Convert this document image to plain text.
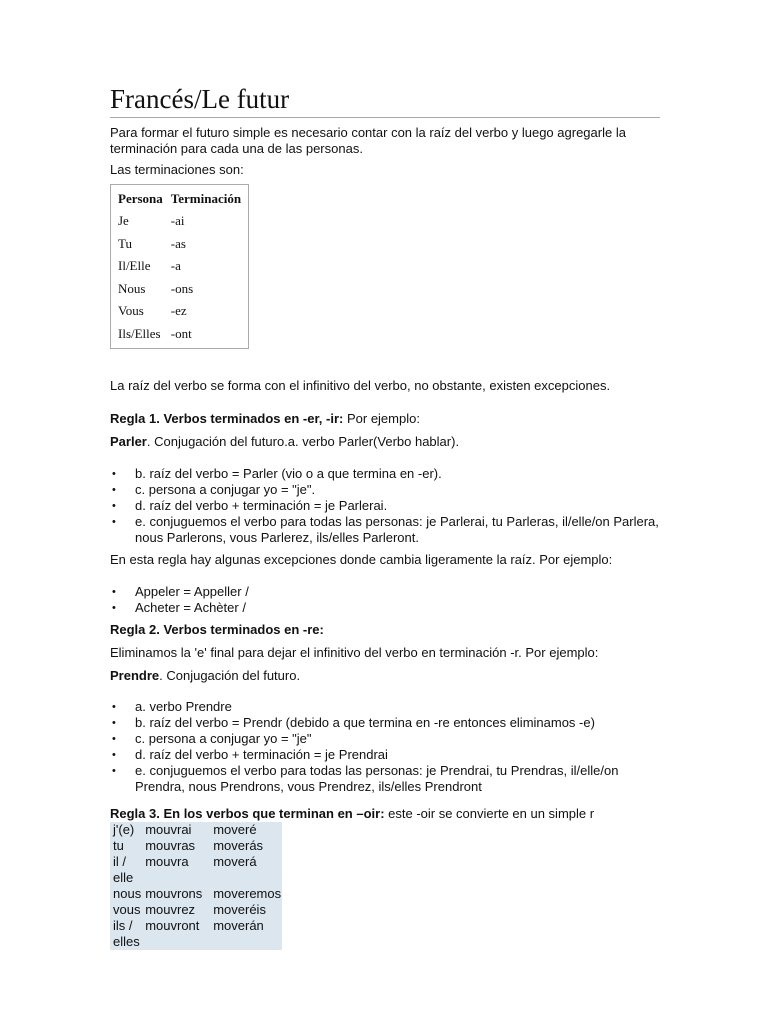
Francés/Le futur

Para formar el futuro simple es necesario contar con la raíz del verbo y luego agregarle la terminación para cada una de las personas.

Las terminaciones son:

Persona	Terminación
Je	-ai
Tu	-as
Il/Elle	-a
Nous	-ons
Vous	-ez
Ils/Elles	-ont

La raíz del verbo se forma con el infinitivo del verbo, no obstante, existen excepciones.

Regla 1. Verbos terminados en -er, -ir: Por ejemplo:

Parler. Conjugación del futuro.a. verbo Parler(Verbo hablar).

• b. raíz del verbo = Parler (vio o a que termina en -er).
• c. persona a conjugar yo = "je".
• d. raíz del verbo + terminación = je Parlerai.
• e. conjuguemos el verbo para todas las personas: je Parlerai, tu Parleras, il/elle/on Parlera, nous Parlerons, vous Parlerez, ils/elles Parleront.

En esta regla hay algunas excepciones donde cambia ligeramente la raíz. Por ejemplo:

• Appeler = Appeller /
• Acheter = Achèter /

Regla 2. Verbos terminados en -re:

Eliminamos la 'e' final para dejar el infinitivo del verbo en terminación -r. Por ejemplo:

Prendre. Conjugación del futuro.

• a. verbo Prendre
• b. raíz del verbo = Prendr (debido a que termina en -re entonces eliminamos -e)
• c. persona a conjugar yo = "je"
• d. raíz del verbo + terminación = je Prendrai
• e. conjuguemos el verbo para todas las personas: je Prendrai, tu Prendras, il/elle/on Prendra, nous Prendrons, vous Prendrez, ils/elles Prendront

Regla 3. En los verbos que terminan en –oir: este -oir se convierte en un simple r

j'(e)	mouvrai	moveré
tu	mouvras	moverás
il / elle	mouvra	moverá
nous	mouvrons	moveremos
vous	mouvrez	moveréis
ils / elles	mouvront	moverán
